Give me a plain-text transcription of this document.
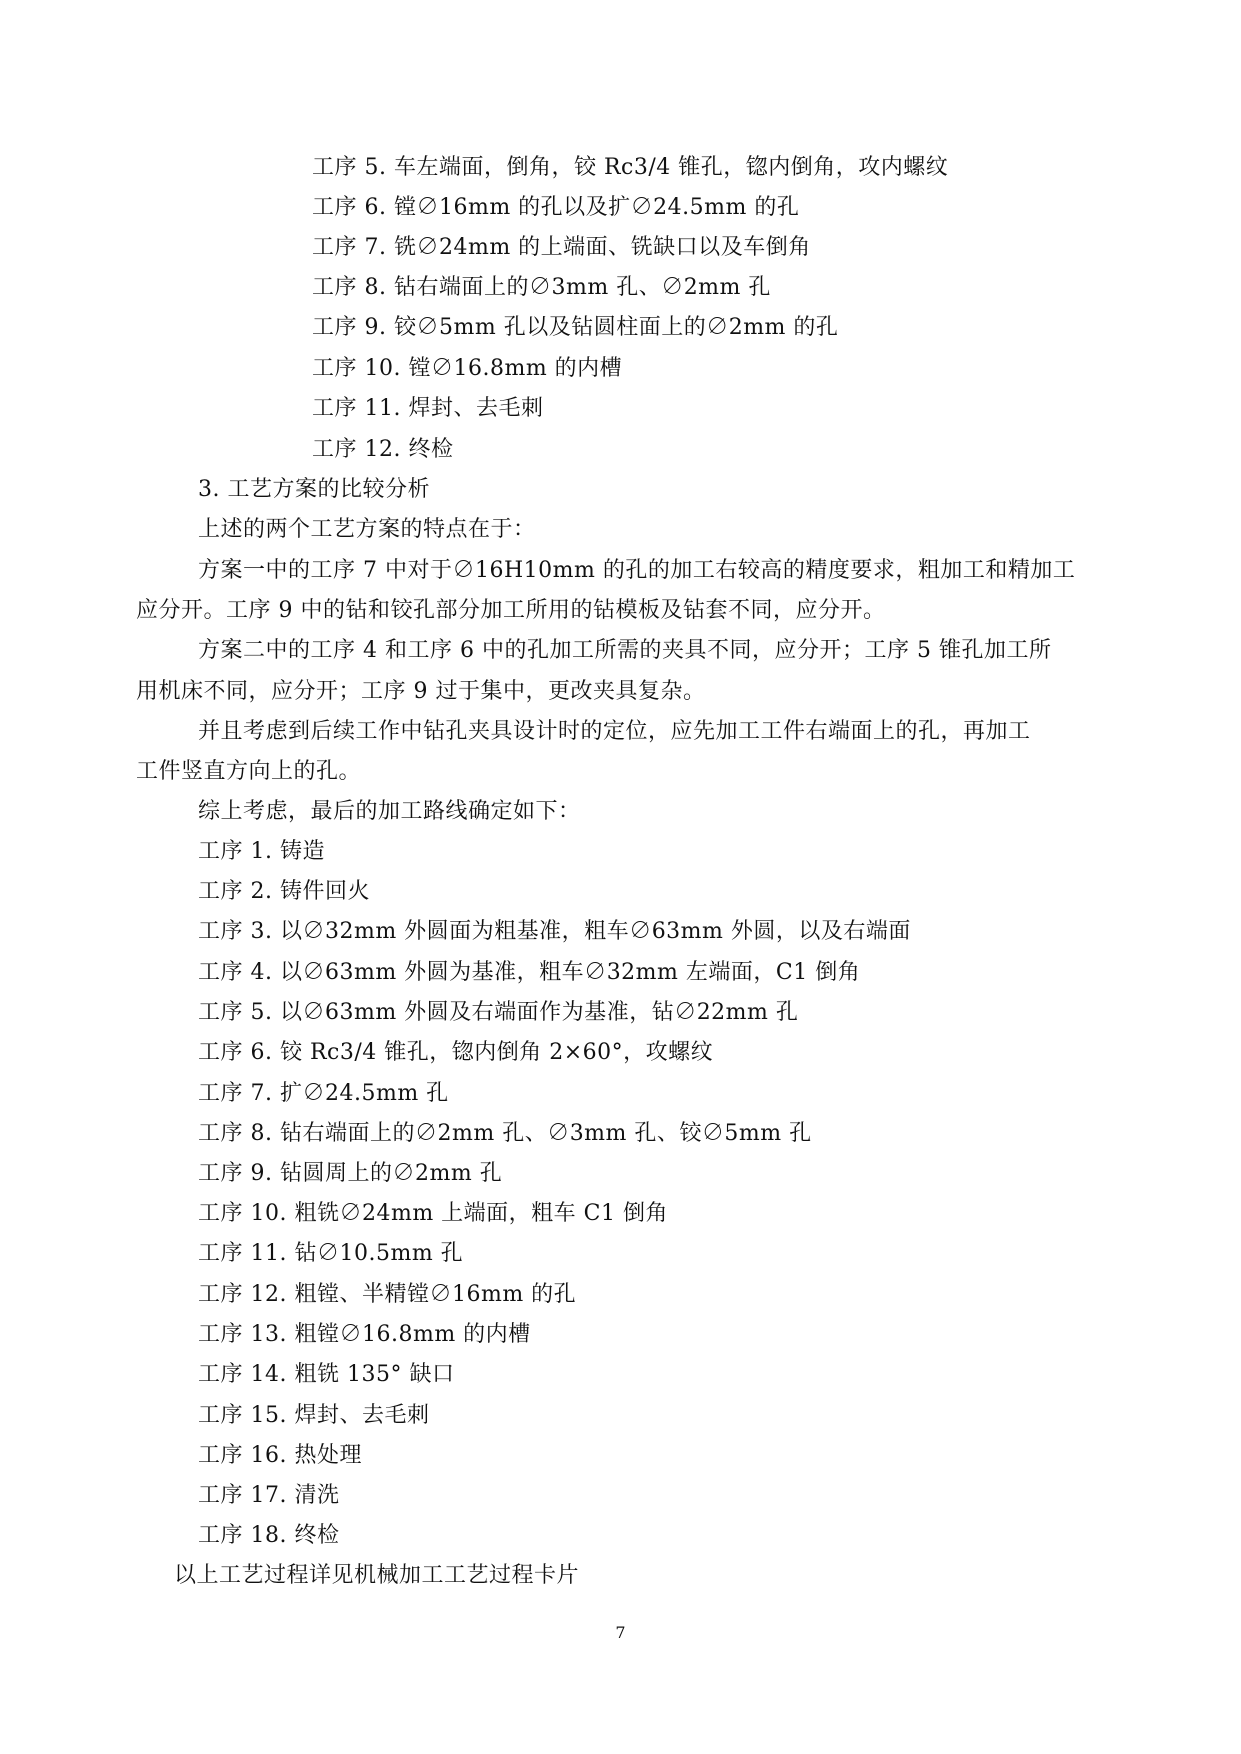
工序 5. 车左端面，倒角，铰 Rc3/4 锥孔，锪内倒角，攻内螺纹
工序 6. 镗∅16mm 的孔以及扩∅24.5mm 的孔
工序 7. 铣∅24mm 的上端面、铣缺口以及车倒角
工序 8. 钻右端面上的∅3mm 孔、∅2mm 孔
工序 9. 铰∅5mm 孔以及钻圆柱面上的∅2mm 的孔
工序 10. 镗∅16.8mm 的内槽
工序 11. 焊封、去毛刺
工序 12. 终检
3. 工艺方案的比较分析
上述的两个工艺方案的特点在于：
方案一中的工序 7 中对于∅16H10mm 的孔的加工右较高的精度要求，粗加工和精加工
应分开。工序 9 中的钻和铰孔部分加工所用的钻模板及钻套不同，应分开。
方案二中的工序 4 和工序 6 中的孔加工所需的夹具不同，应分开；工序 5 锥孔加工所
用机床不同，应分开；工序 9 过于集中，更改夹具复杂。
并且考虑到后续工作中钻孔夹具设计时的定位，应先加工工件右端面上的孔，再加工
工件竖直方向上的孔。
综上考虑，最后的加工路线确定如下：
工序 1. 铸造
工序 2. 铸件回火
工序 3. 以∅32mm 外圆面为粗基准，粗车∅63mm 外圆，以及右端面
工序 4. 以∅63mm 外圆为基准，粗车∅32mm 左端面，C1 倒角
工序 5. 以∅63mm 外圆及右端面作为基准，钻∅22mm 孔
工序 6. 铰 Rc3/4 锥孔，锪内倒角 2×60°，攻螺纹
工序 7. 扩∅24.5mm 孔
工序 8. 钻右端面上的∅2mm 孔、∅3mm 孔、铰∅5mm 孔
工序 9. 钻圆周上的∅2mm 孔
工序 10. 粗铣∅24mm 上端面，粗车 C1 倒角
工序 11. 钻∅10.5mm 孔
工序 12. 粗镗、半精镗∅16mm 的孔
工序 13. 粗镗∅16.8mm 的内槽
工序 14. 粗铣 135° 缺口
工序 15. 焊封、去毛刺
工序 16. 热处理
工序 17. 清洗
工序 18. 终检
以上工艺过程详见机械加工工艺过程卡片
7
